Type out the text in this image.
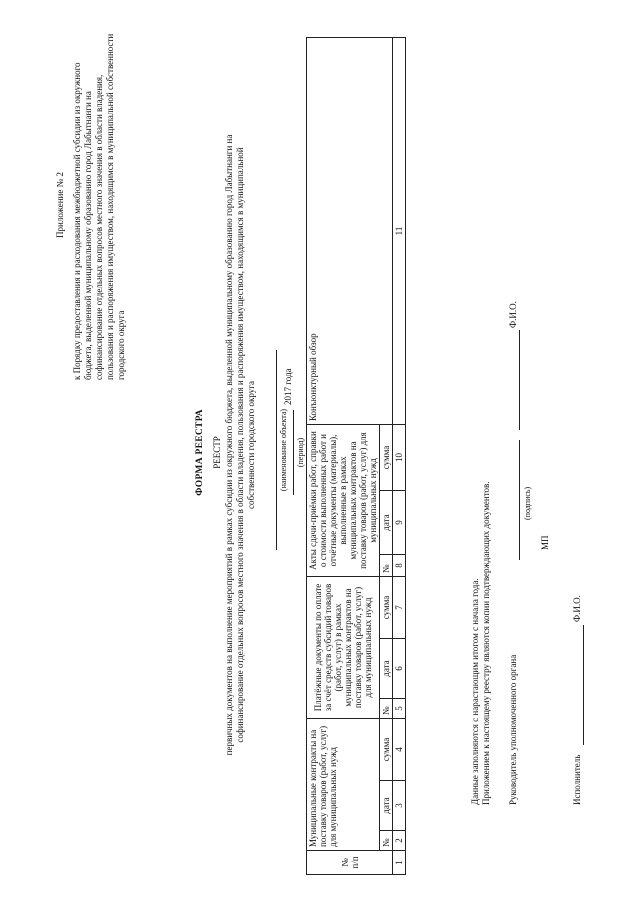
Приложение № 2 к Порядку предоставления и расходования межбюджетной субсидии из окружного бюджета, выделенной муниципальному образованию город Лабытнанги на софинансирование отдельных вопросов местного значения в области владения, пользования и распоряжения имуществом, находящимся в муниципальной собственности городского округа
ФОРМА РЕЕСТРА РЕЕСТР первичных документов на выполнение мероприятий в рамках субсидии из окружного бюджета, выделенной муниципальному образованию город Лабытнанги на софинансирование отдельных вопросов местного значения в области владения, пользования и распоряжения имуществом, находящимся в муниципальной собственности городского округа	(наименование объекта) (период)
2017 года
№ п/п	Муниципальные контракты на поставку товаров (работ, услуг) для муниципальных нужд			Платёжные документы по оплате за счёт средств субсидий товаров (работ, услуг) в рамках муниципальных контрактов на поставку товаров (работ, услуг) для муниципальных нужд			Акты сдачи-приёмки работ, справки о стоимости выполненных работ и отчётные документы (материалы), выполненные в рамках муниципальных контрактов на поставку товаров (работ, услуг) для муниципальных нужд			Конъюнктурный обзор
	№	дата	сумма	№	дата	сумма	№	дата	сумма	
1	2	3	4	5	6	7	8	9	10	11
Данные заполняются с нарастающим итогом с начала года. Приложением к настоящему реестру являются копии подтверждающих документов. Руководитель уполномоченного органа
(подпись)
Ф.И.О.
МП
Исполнитель
Ф.И.О.
